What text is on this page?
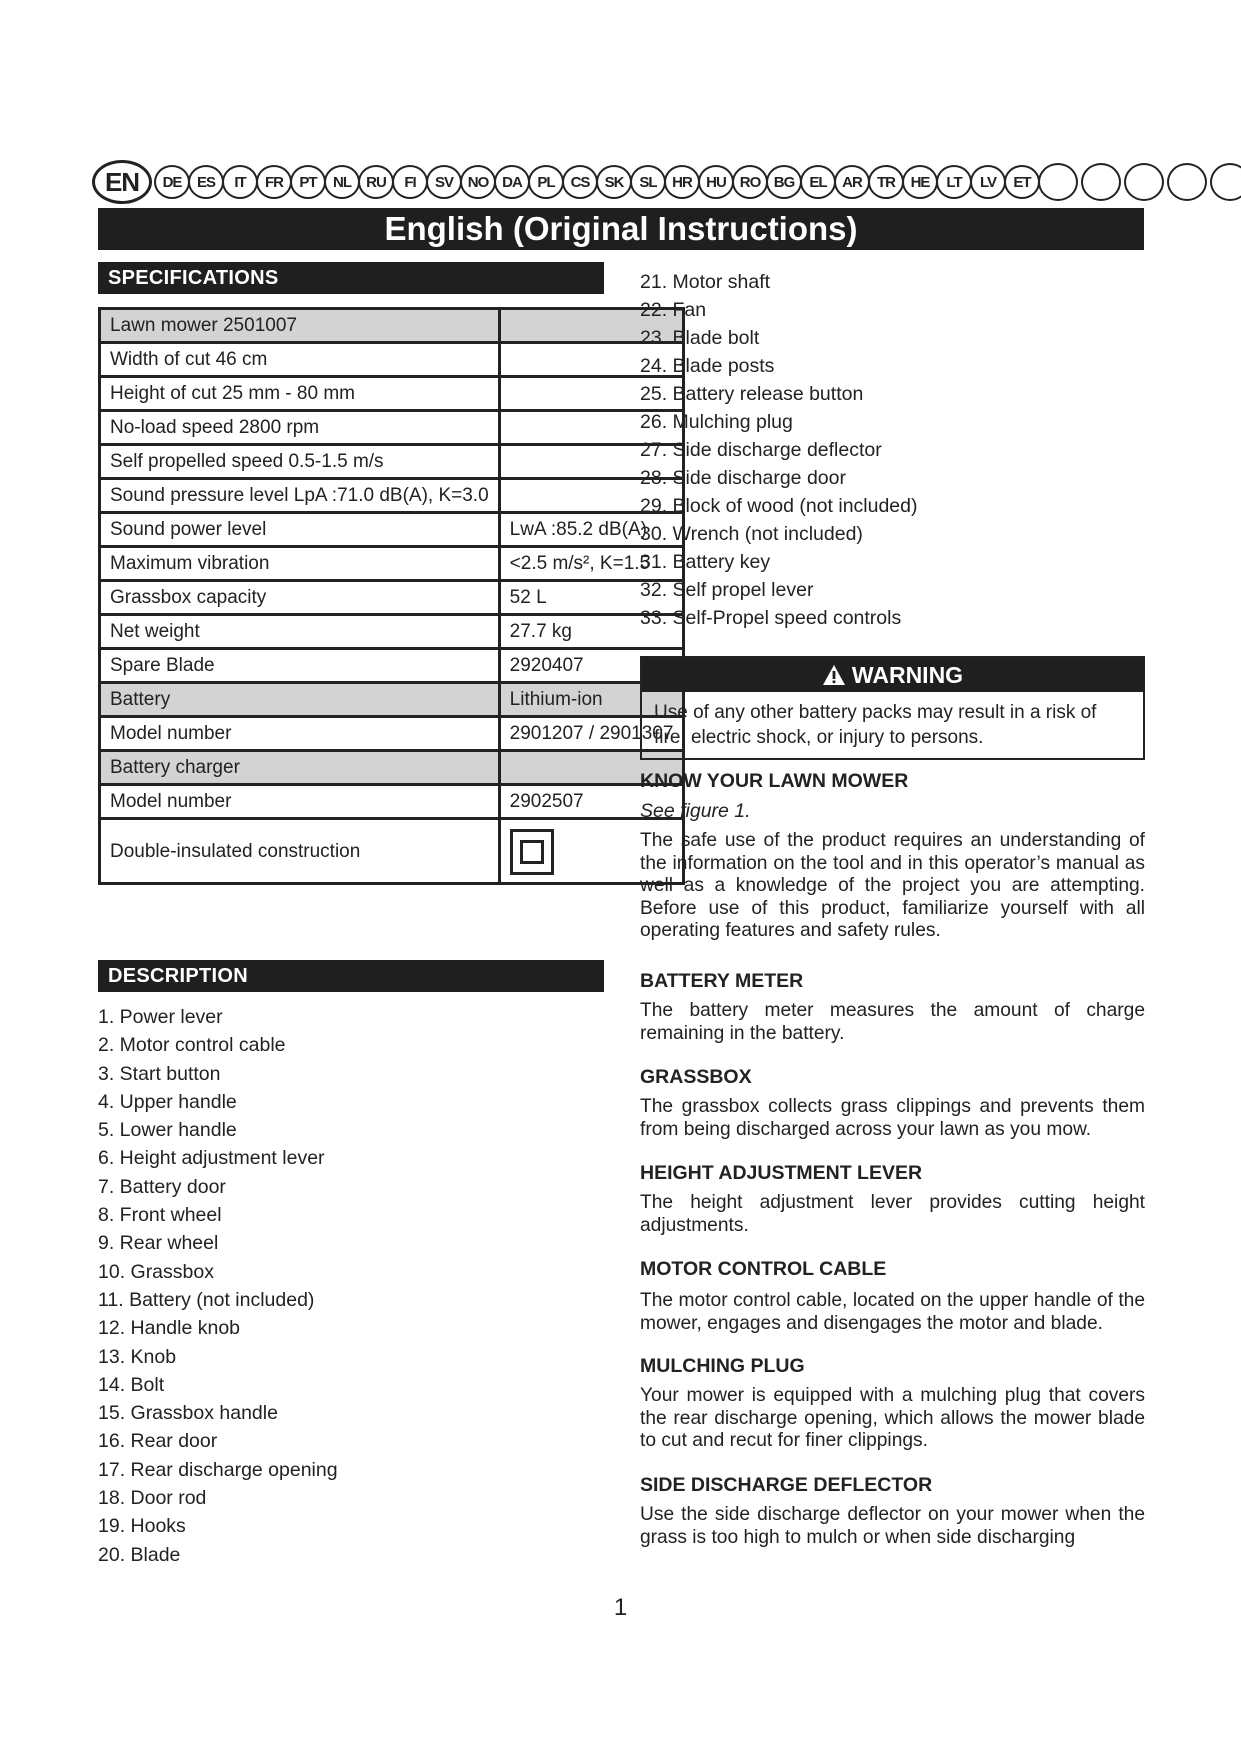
EN	DE	ES	IT	FR	PT	NL	RU	FI	SV NO DA	PL	CS	SK	SL	HR HU RO BG	EL	AR	TR	HE	LT	LV	ET
English (Original Instructions)
SPECIFICATIONS
Lawn mower 2501007	
Width of cut 46 cm	
Height of cut 25 mm - 80 mm	
No-load speed 2800 rpm	
Self propelled speed 0.5-1.5 m/s	
Sound pressure level LpA :71.0 dB(A), K=3.0	
Sound power level	LwA :85.2 dB(A)
Maximum vibration	<2.5 m/s², K=1.5
Grassbox capacity	52 L
Net weight	27.7 kg
Spare Blade	2920407
Battery	Lithium-ion
Model number	2901207 / 2901307
Battery charger	
Model number	2902507
Double-insulated construction	
DESCRIPTION
1. Power lever
2. Motor control cable
3. Start button
4. Upper handle
5. Lower handle
6. Height adjustment lever
7. Battery door
8. Front wheel
9. Rear wheel
10. Grassbox
11. Battery (not included)
12. Handle knob
13. Knob
14. Bolt
15. Grassbox handle
16. Rear door
17. Rear discharge opening
18. Door rod
19. Hooks
20. Blade
21. Motor shaft
22. Fan
23. Blade bolt
24. Blade posts
25. Battery release button
26. Mulching plug
27. Side discharge deflector
28. Side discharge door
29. Block of wood (not included)
30. Wrench (not included)
31. Battery key
32. Self propel lever
33. Self-Propel speed controls
WARNING
Use of any other battery packs may result in a risk of fire, electric shock, or injury to persons.

KNOW YOUR LAWN MOWER

See figure 1.

The safe use of the product requires an understanding of the information on the tool and in this operator’s manual as well as a knowledge of the project you are attempting. Before use of this product, familiarize yourself with all operating features and safety rules.

BATTERY METER

The battery meter measures the amount of charge remaining in the battery.

GRASSBOX

The grassbox collects grass clippings and prevents them from being discharged across your lawn as you mow.

HEIGHT ADJUSTMENT LEVER

The height adjustment lever provides cutting height adjustments.

MOTOR CONTROL CABLE

The motor control cable, located on the upper handle of the mower, engages and disengages the motor and blade.

MULCHING PLUG

Your mower is equipped with a mulching plug that covers the rear discharge opening, which allows the mower blade to cut and recut for finer clippings.

SIDE DISCHARGE DEFLECTOR

Use the side discharge deflector on your mower when the grass is too high to mulch or when side discharging

1
